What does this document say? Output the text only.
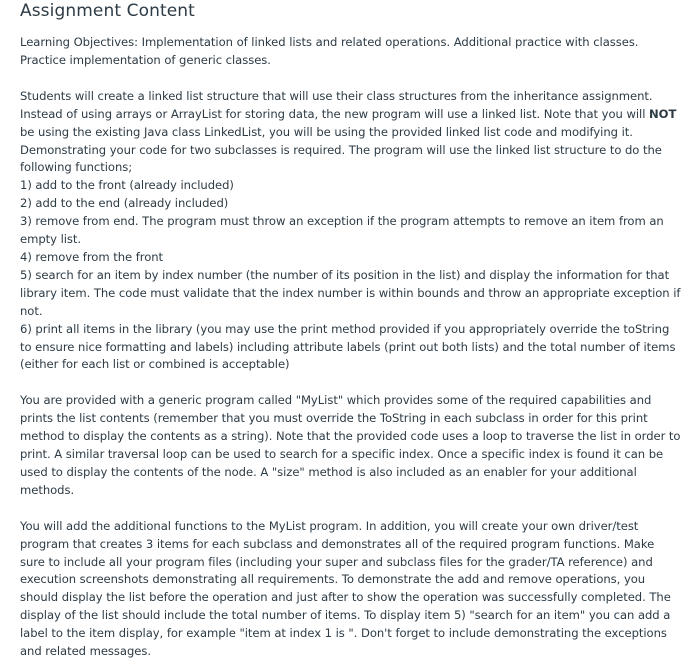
Assignment Content

Learning Objectives: Implementation of linked lists and related operations. Additional practice with classes. Practice implementation of generic classes.

Students will create a linked list structure that will use their class structures from the inheritance assignment. Instead of using arrays or ArrayList for storing data, the new program will use a linked list. Note that you will NOT be using the existing Java class LinkedList, you will be using the provided linked list code and modifying it. Demonstrating your code for two subclasses is required. The program will use the linked list structure to do the following functions;
1) add to the front (already included)
2) add to the end (already included)
3) remove from end. The program must throw an exception if the program attempts to remove an item from an empty list.
4) remove from the front
5) search for an item by index number (the number of its position in the list) and display the information for that library item. The code must validate that the index number is within bounds and throw an appropriate exception if not.
6) print all items in the library (you may use the print method provided if you appropriately override the toString to ensure nice formatting and labels) including attribute labels (print out both lists) and the total number of items (either for each list or combined is acceptable)

You are provided with a generic program called "MyList" which provides some of the required capabilities and prints the list contents (remember that you must override the ToString in each subclass in order for this print method to display the contents as a string). Note that the provided code uses a loop to traverse the list in order to print. A similar traversal loop can be used to search for a specific index. Once a specific index is found it can be used to display the contents of the node. A "size" method is also included as an enabler for your additional methods.

You will add the additional functions to the MyList program. In addition, you will create your own driver/test program that creates 3 items for each subclass and demonstrates all of the required program functions. Make sure to include all your program files (including your super and subclass files for the grader/TA reference) and execution screenshots demonstrating all requirements. To demonstrate the add and remove operations, you should display the list before the operation and just after to show the operation was successfully completed. The display of the list should include the total number of items. To display item 5) "search for an item" you can add a label to the item display, for example "item at index 1 is ". Don't forget to include demonstrating the exceptions and related messages.
